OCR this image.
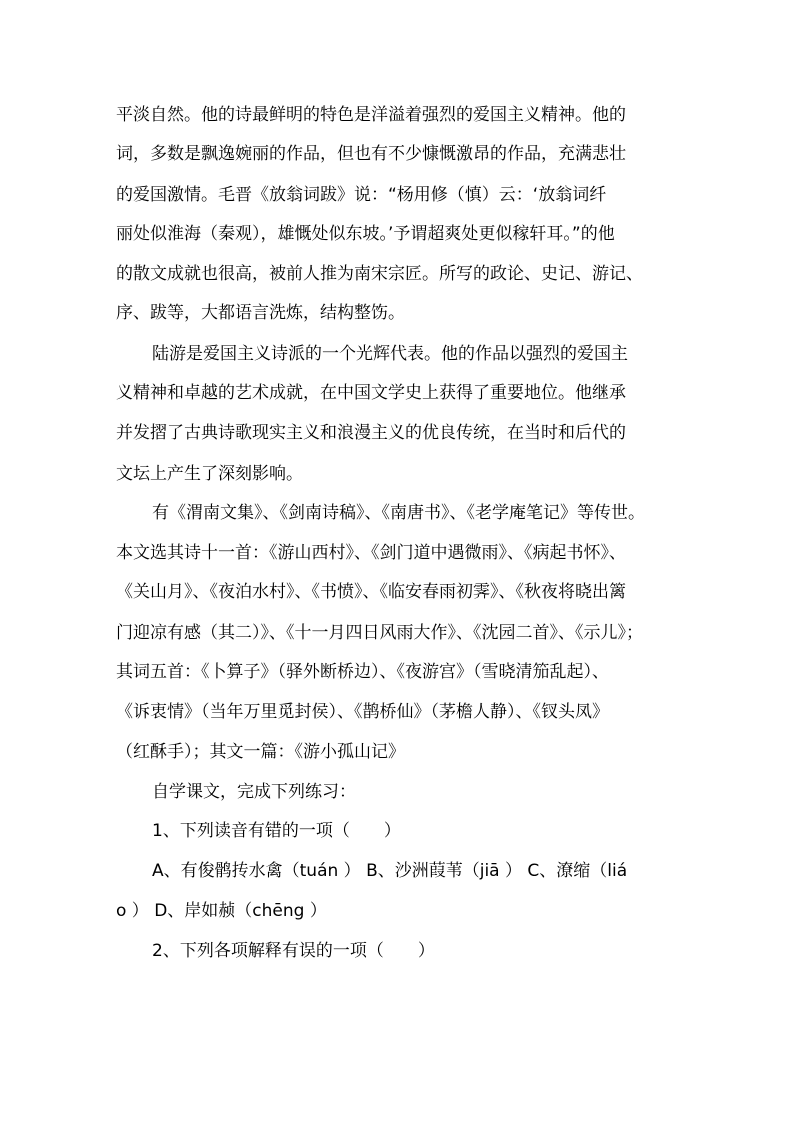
平淡自然。他的诗最鲜明的特色是洋溢着强烈的爱国主义精神。他的
词，多数是飘逸婉丽的作品，但也有不少慷慨激昂的作品，充满悲壮
的爱国激情。毛晋《放翁词跋》说：“杨用修（慎）云：‘放翁词纤
丽处似淮海（秦观），雄慨处似东坡。’予谓超爽处更似稼轩耳。”的他
的散文成就也很高，被前人推为南宋宗匠。所写的政论、史记、游记、
序、跋等，大都语言洗炼，结构整饬。
陆游是爱国主义诗派的一个光辉代表。他的作品以强烈的爱国主
义精神和卓越的艺术成就，在中国文学史上获得了重要地位。他继承
并发摺了古典诗歌现实主义和浪漫主义的优良传统，在当时和后代的
文坛上产生了深刻影响。
有《渭南文集》、《剑南诗稿》、《南唐书》、《老学庵笔记》等传世。
本文选其诗十一首：《游山西村》、《剑门道中遇微雨》、《病起书怀》、
《关山月》、《夜泊水村》、《书愤》、《临安春雨初霁》、《秋夜将晓出篱
门迎凉有感（其二）》、《十一月四日风雨大作》、《沈园二首》、《示儿》；
其词五首：《卜算子》（驿外断桥边）、《夜游宫》（雪晓清笳乱起）、
《诉衷情》（当年万里觅封侯）、《鹊桥仙》（茅檐人静）、《钗头凤》
（红酥手）；其文一篇：《游小孤山记》
自学课文，完成下列练习：
1、下列读音有错的一项（　　）
A、有俊鹘抟水禽（tuán ） B、沙洲葭苇（jiā ） C、潦缩（liá
o ） D、岸如赪（chēng ）
2、下列各项解释有误的一项（　　）
